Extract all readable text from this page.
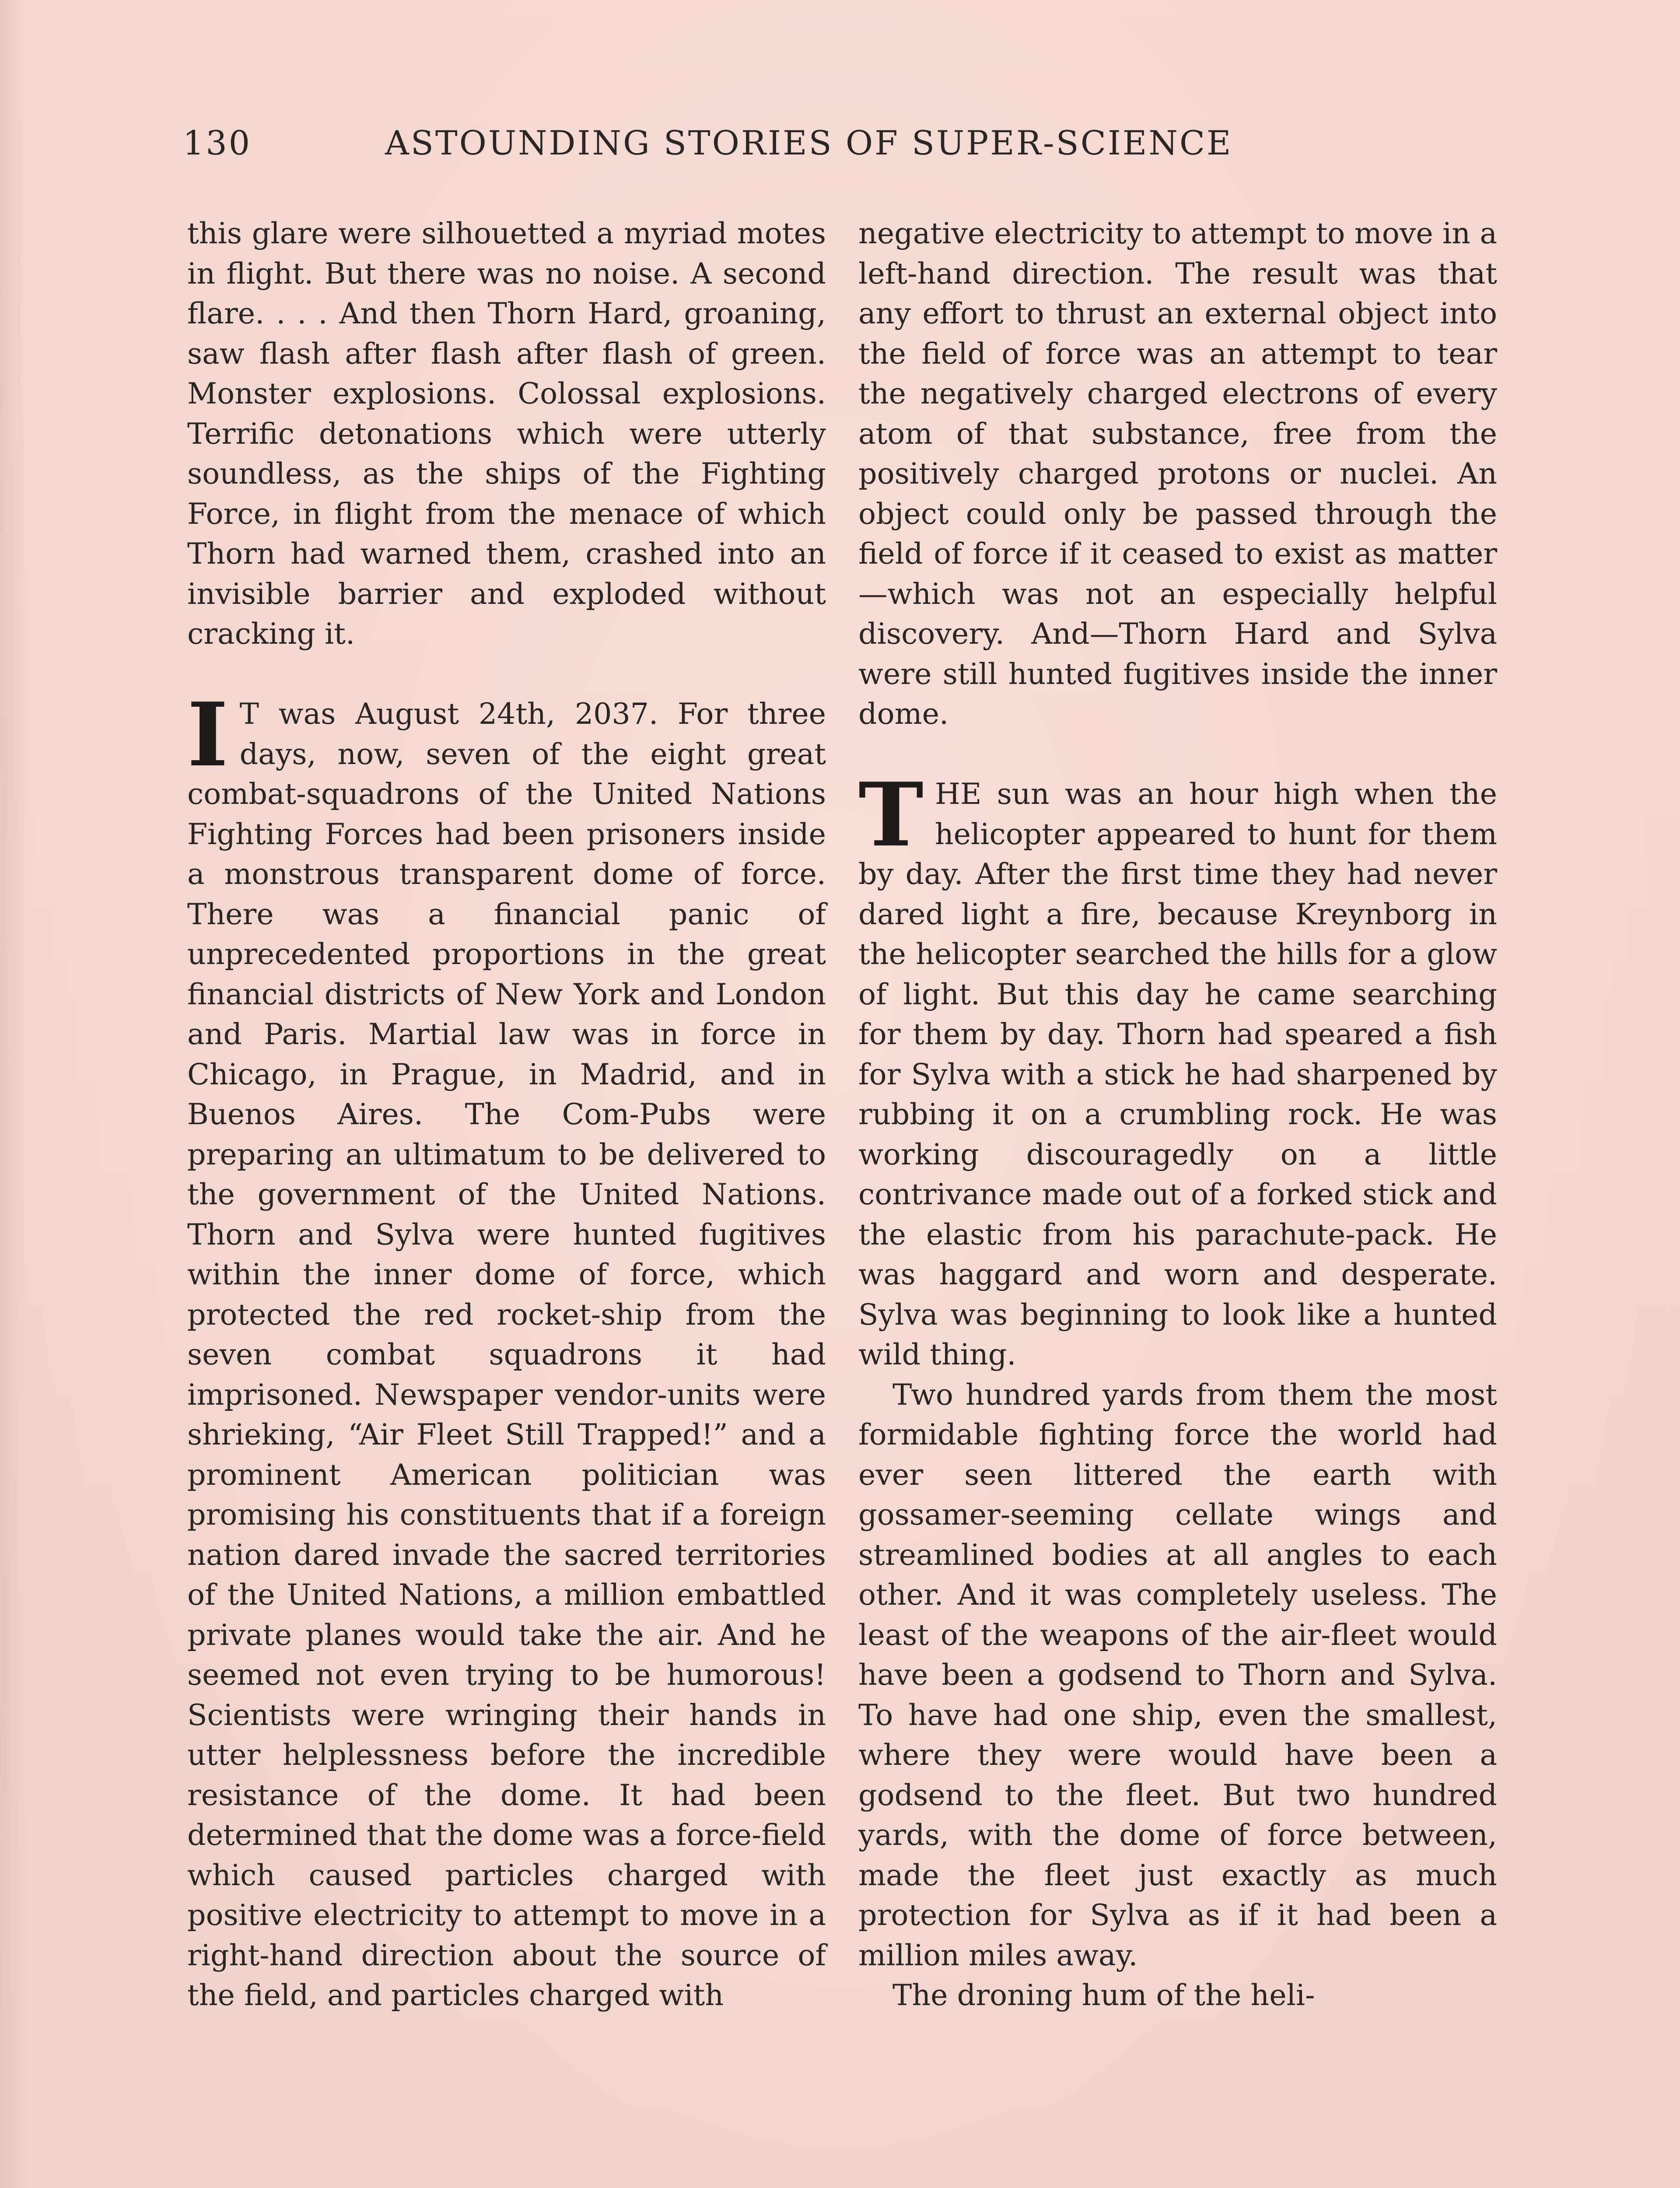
130	ASTOUNDING STORIES OF SUPER-SCIENCE

this glare were silhouetted a myriad motes in flight. But there was no noise. A second flare. . . . And then Thorn Hard, groaning, saw flash after flash after flash of green. Monster explosions. Colossal explosions. Terrific detonations which were utterly soundless, as the ships of the Fighting Force, in flight from the menace of which Thorn had warned them, crashed into an invisible barrier and exploded without cracking it.

I T was August 24th, 2037. For three days, now, seven of the eight great combat-squadrons of the United Nations Fighting Forces had been prisoners inside a monstrous transparent dome of force. There was a financial panic of unprecedented proportions in the great financial districts of New York and London and Paris. Martial law was in force in Chicago, in Prague, in Madrid, and in Buenos Aires. The Com-Pubs were preparing an ultimatum to be delivered to the government of the United Nations. Thorn and Sylva were hunted fugitives within the inner dome of force, which protected the red rocket-ship from the seven combat squadrons it had imprisoned. Newspaper vendor-units were shrieking, “Air Fleet Still Trapped!” and a prominent American politician was promising his constituents that if a foreign nation dared invade the sacred territories of the United Nations, a million embattled private planes would take the air. And he seemed not even trying to be humorous! Scientists were wringing their hands in utter helplessness before the incredible resistance of the dome. It had been determined that the dome was a force-field which caused particles charged with positive electricity to attempt to move in a right-hand direction about the source of the field, and particles charged with

negative electricity to attempt to move in a left-hand direction. The result was that any effort to thrust an external object into the field of force was an attempt to tear the negatively charged electrons of every atom of that substance, free from the positively charged protons or nuclei. An object could only be passed through the field of force if it ceased to exist as matter—which was not an especially helpful discovery. And—Thorn Hard and Sylva were still hunted fugitives inside the inner dome.

THE sun was an hour high when the helicopter appeared to hunt for them by day. After the first time they had never dared light a fire, because Kreynborg in the helicopter searched the hills for a glow of light. But this day he came searching for them by day. Thorn had speared a fish for Sylva with a stick he had sharpened by rubbing it on a crumbling rock. He was working discouragedly on a little contrivance made out of a forked stick and the elastic from his parachute-pack. He was haggard and worn and desperate. Sylva was beginning to look like a hunted wild thing.

Two hundred yards from them the most formidable fighting force the world had ever seen littered the earth with gossamer-seeming cellate wings and streamlined bodies at all angles to each other. And it was completely useless. The least of the weapons of the air-fleet would have been a godsend to Thorn and Sylva. To have had one ship, even the smallest, where they were would have been a godsend to the fleet. But two hundred yards, with the dome of force between, made the fleet just exactly as much protection for Sylva as if it had been a million miles away.

The droning hum of the heli-
